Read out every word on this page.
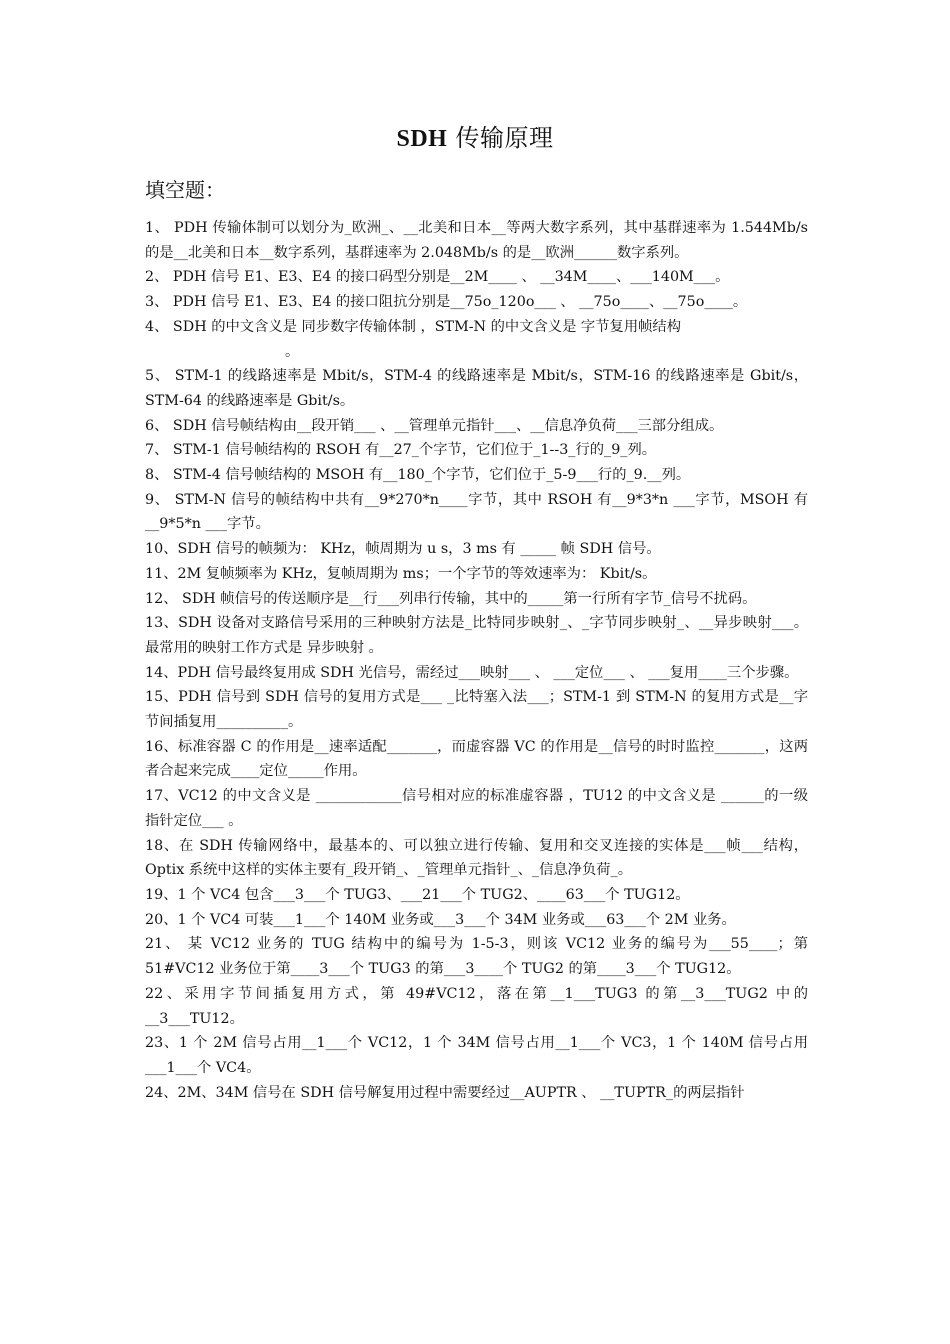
SDH 传输原理
填空题：

1、 PDH 传输体制可以划分为_欧洲_、__北美和日本__等两大数字系列，其中基群速率为 1.544Mb/s 的是__北美和日本__数字系列，基群速率为 2.048Mb/s 的是__欧洲______数字系列。

2、 PDH 信号 E1、E3、E4 的接口码型分别是__2M____ 、 __34M____、___140M___。

3、 PDH 信号 E1、E3、E4 的接口阻抗分别是__75o_120o___ 、 __75o____、__75o____。

4、 SDH 的中文含义是 同步数字传输体制 ，STM-N 的中文含义是 字节复用帧结构

。

5、 STM-1 的线路速率是 Mbit/s，STM-4 的线路速率是 Mbit/s，STM-16 的线路速率是 Gbit/s，STM-64 的线路速率是 Gbit/s。

6、 SDH 信号帧结构由__段开销___ 、__管理单元指针___、__信息净负荷___三部分组成。

7、 STM-1 信号帧结构的 RSOH 有__27_个字节，它们位于_1--3_行的_9_列。

8、 STM-4 信号帧结构的 MSOH 有__180_个字节，它们位于_5-9___行的_9.__列。

9、 STM-N 信号的帧结构中共有__9*270*n____字节，其中 RSOH 有__9*3*n ___字节，MSOH 有__9*5*n ___字节。

10、SDH 信号的帧频为： KHz，帧周期为 u s，3 ms 有 _____ 帧 SDH 信号。

11、2M 复帧频率为 KHz，复帧周期为 ms；一个字节的等效速率为： Kbit/s。

12、 SDH 帧信号的传送顺序是__行___列串行传输，其中的_____第一行所有字节_信号不扰码。

13、SDH 设备对支路信号采用的三种映射方法是_比特同步映射_、_字节同步映射_、__异步映射___。最常用的映射工作方式是 异步映射 。

14、PDH 信号最终复用成 SDH 光信号，需经过___映射___ 、 ___定位___ 、 ___复用____三个步骤。

15、PDH 信号到 SDH 信号的复用方式是___ _比特塞入法___；STM-1 到 STM-N 的复用方式是__字节间插复用__________。

16、标准容器 C 的作用是__速率适配_______，而虚容器 VC 的作用是__信号的时时监控_______，这两者合起来完成____定位_____作用。

17、VC12 的中文含义是 ____________信号相对应的标准虚容器 ，TU12 的中文含义是 ______的一级指针定位___ 。

18、在 SDH 传输网络中，最基本的、可以独立进行传输、复用和交叉连接的实体是___帧___结构，Optix 系统中这样的实体主要有_段开销_、_管理单元指针_、_信息净负荷_。

19、1 个 VC4 包含___3___个 TUG3、___21___个 TUG2、____63___个 TUG12。

20、1 个 VC4 可装___1___个 140M 业务或___3___个 34M 业务或___63___个 2M 业务。

21、 某 VC12 业务的 TUG 结构中的编号为 1-5-3，则该 VC12 业务的编号为___55____；第 51#VC12 业务位于第____3___个 TUG3 的第___3____个 TUG2 的第____3___个 TUG12。

22、采用字节间插复用方式，第 49#VC12，落在第__1___TUG3 的第__3___TUG2 中的__3___TU12。

23、1 个 2M 信号占用__1___个 VC12，1 个 34M 信号占用__1___个 VC3，1 个 140M 信号占用___1___个 VC4。

24、2M、34M 信号在 SDH 信号解复用过程中需要经过__AUPTR 、 __TUPTR_的两层指针
